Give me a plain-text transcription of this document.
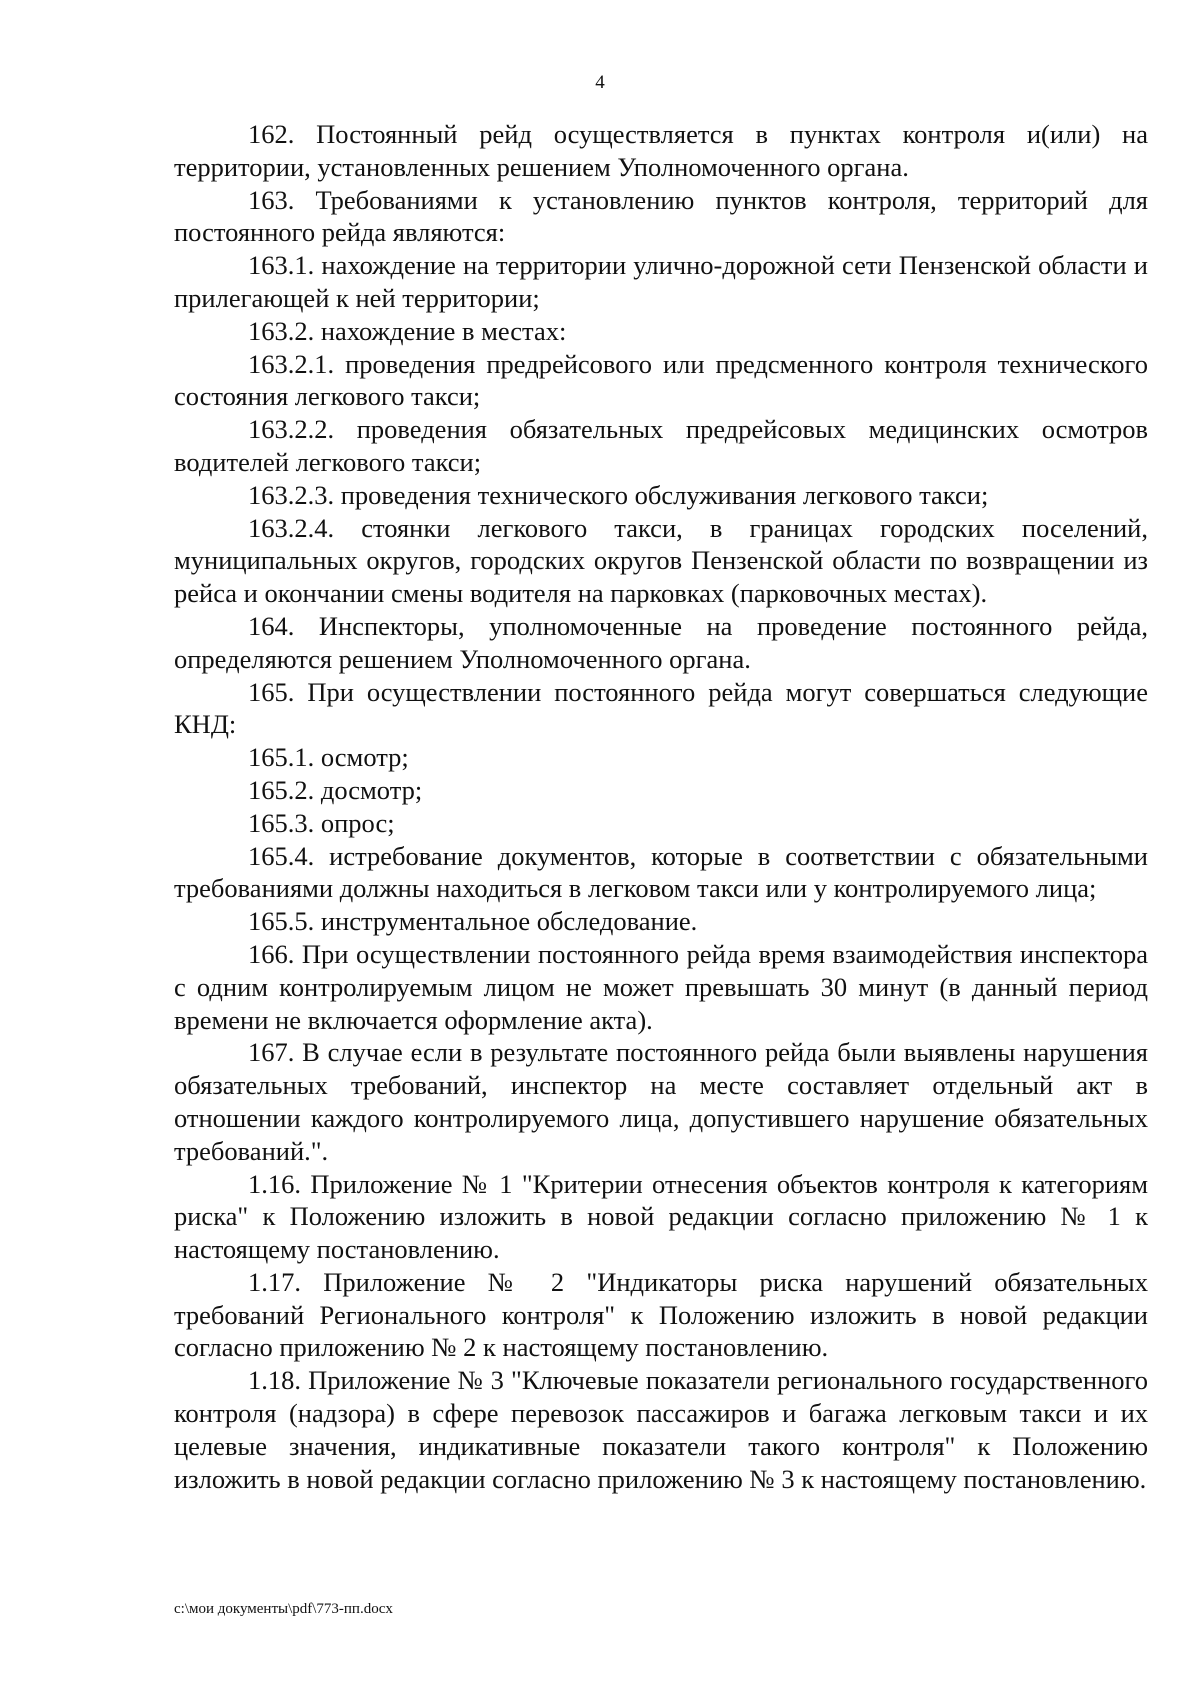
4

162. Постоянный рейд осуществляется в пунктах контроля и(или) на территории, установленных решением Уполномоченного органа.

163. Требованиями к установлению пунктов контроля, территорий для постоянного рейда являются:

163.1. нахождение на территории улично-дорожной сети Пензенской области и прилегающей к ней территории;

163.2. нахождение в местах:

163.2.1. проведения предрейсового или предсменного контроля технического состояния легкового такси;

163.2.2. проведения обязательных предрейсовых медицинских осмотров водителей легкового такси;

163.2.3. проведения технического обслуживания легкового такси;

163.2.4. стоянки легкового такси, в границах городских поселений, муниципальных округов, городских округов Пензенской области по возвращении из рейса и окончании смены водителя на парковках (парковочных местах).

164. Инспекторы, уполномоченные на проведение постоянного рейда, определяются решением Уполномоченного органа.

165. При осуществлении постоянного рейда могут совершаться следующие КНД:

165.1. осмотр;

165.2. досмотр;

165.3. опрос;

165.4. истребование документов, которые в соответствии с обязательными требованиями должны находиться в легковом такси или у контролируемого лица;

165.5. инструментальное обследование.

166. При осуществлении постоянного рейда время взаимодействия инспектора с одним контролируемым лицом не может превышать 30 минут (в данный период времени не включается оформление акта).

167. В случае если в результате постоянного рейда были выявлены нарушения обязательных требований, инспектор на месте составляет отдельный акт в отношении каждого контролируемого лица, допустившего нарушение обязательных требований.".

1.16. Приложение № 1 "Критерии отнесения объектов контроля к категориям риска" к Положению изложить в новой редакции согласно приложению № 1 к настоящему постановлению.

1.17. Приложение № 2 "Индикаторы риска нарушений обязательных требований Регионального контроля" к Положению изложить в новой редакции согласно приложению № 2 к настоящему постановлению.

1.18. Приложение № 3 "Ключевые показатели регионального государственного контроля (надзора) в сфере перевозок пассажиров и багажа легковым такси и их целевые значения, индикативные показатели такого контроля" к Положению изложить в новой редакции согласно приложению № 3 к настоящему постановлению.

c:\мои документы\pdf\773-пп.docx
